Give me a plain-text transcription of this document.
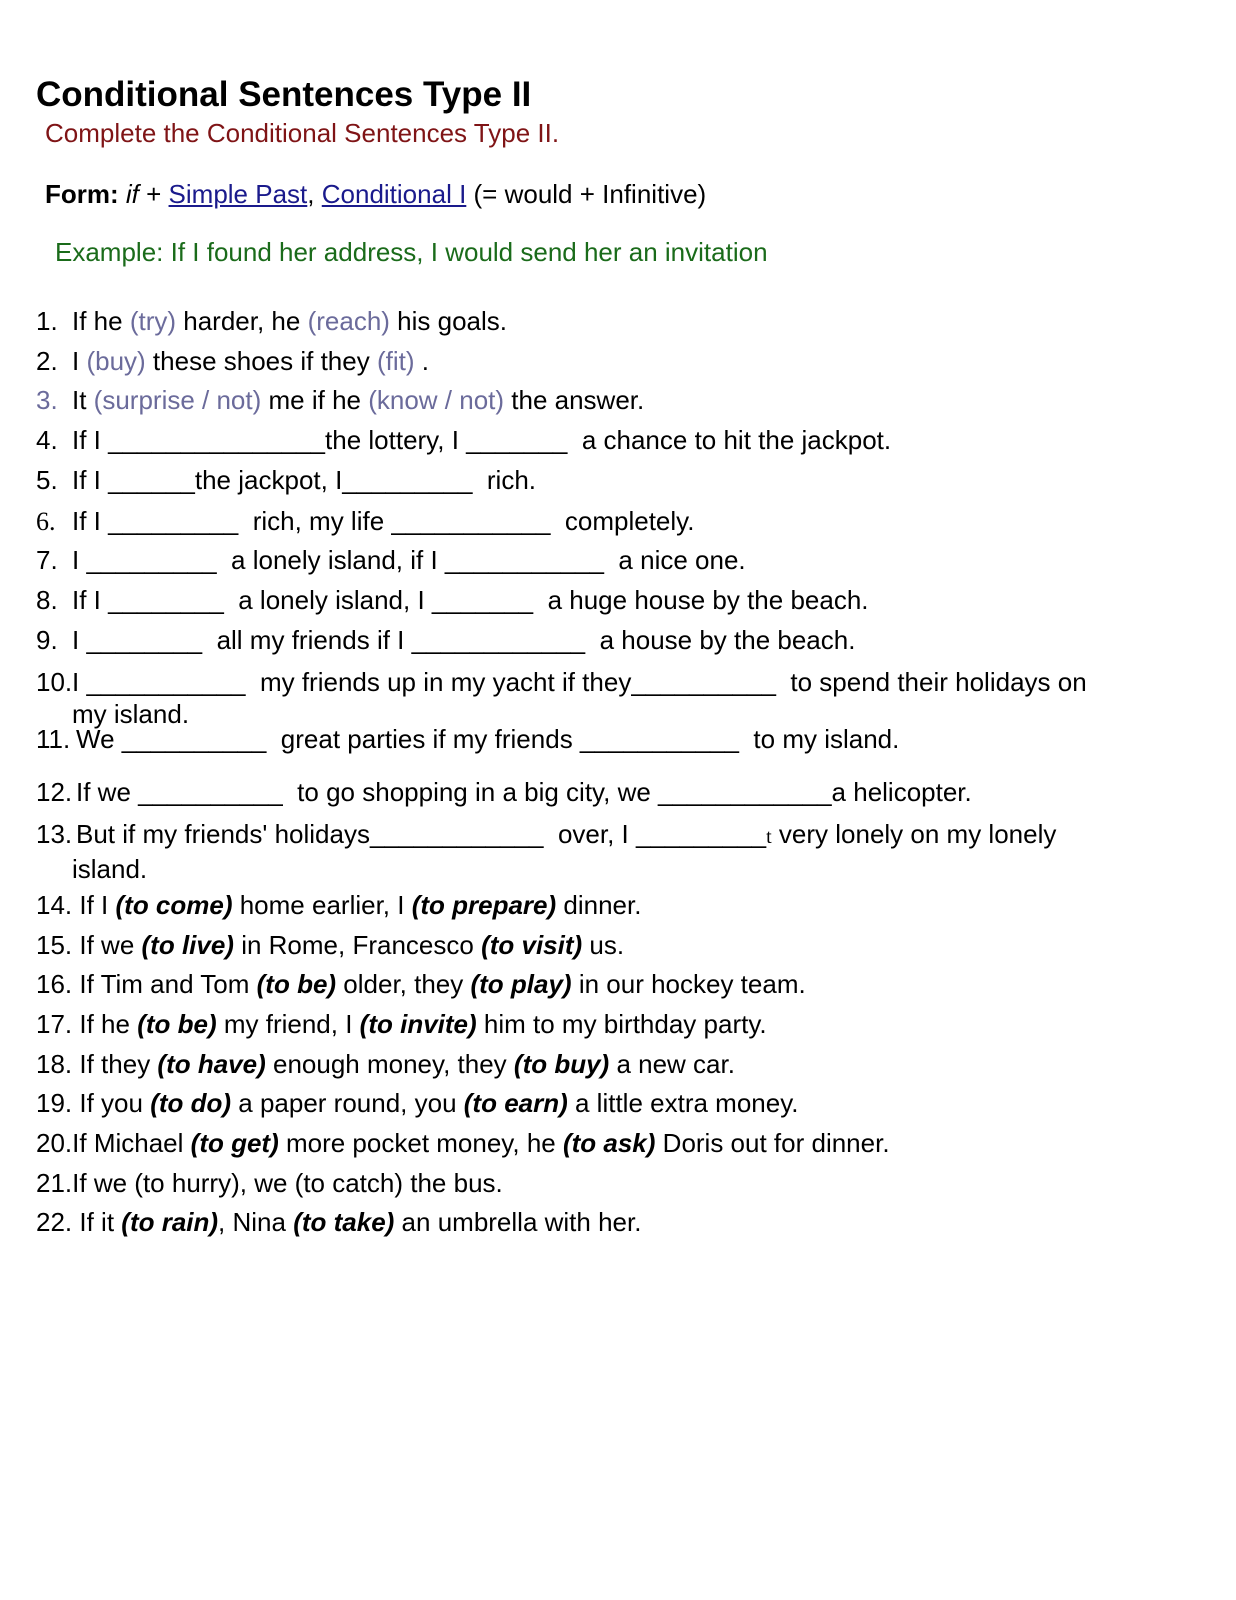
Conditional Sentences Type II
Complete the Conditional Sentences Type II.
Form: if + Simple Past, Conditional I (= would + Infinitive)
Example: If I found her address, I would send her an invitation
1. If he (try) harder, he (reach) his goals.
2. I (buy) these shoes if they (fit) .
3. It (surprise / not) me if he (know / not) the answer.
4. If I _______________the lottery, I _______  a chance to hit the jackpot.
5. If I ______the jackpot, I_________  rich.
6. If I _________  rich, my life ___________  completely.
7. I _________  a lonely island, if I ___________  a nice one.
8. If I ________  a lonely island, I _______  a huge house by the beach.
9. I ________  all my friends if I ____________  a house by the beach.
10.I ___________  my friends up in my yacht if they__________  to spend their holidays on
my island.
11. We __________  great parties if my friends ___________  to my island.
12. If we __________  to go shopping in a big city, we ____________a helicopter.
13. But if my friends' holidays____________  over, I _________t very lonely on my lonely
island.
14. If I (to come) home earlier, I (to prepare) dinner.
15. If we (to live) in Rome, Francesco (to visit) us.
16. If Tim and Tom (to be) older, they (to play) in our hockey team.
17. If he (to be) my friend, I (to invite) him to my birthday party.
18. If they (to have) enough money, they (to buy) a new car.
19. If you (to do) a paper round, you (to earn) a little extra money.
20.If Michael (to get) more pocket money, he (to ask) Doris out for dinner.
21.If we (to hurry), we (to catch) the bus.
22. If it (to rain), Nina (to take) an umbrella with her.
